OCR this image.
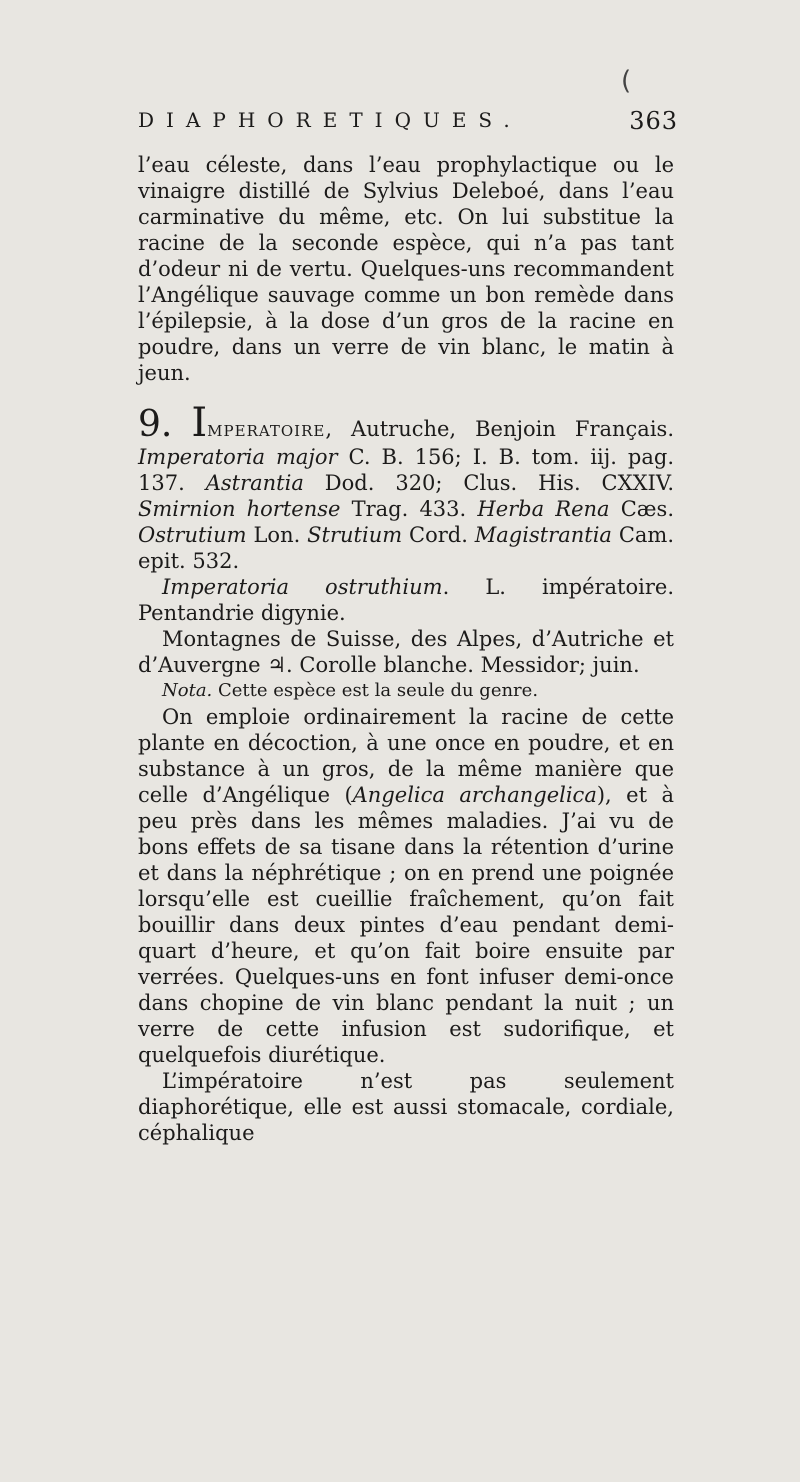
(
DIAPHORETIQUES.	363

l’eau céleste, dans l’eau prophylactique ou le vinaigre distillé de Sylvius Deleboé, dans l’eau carminative du même, etc. On lui substitue la racine de la seconde espèce, qui n’a pas tant d’odeur ni de vertu. Quelques-uns recommandent l’Angélique sauvage comme un bon remède dans l’épilepsie, à la dose d’un gros de la racine en poudre, dans un verre de vin blanc, le matin à jeun.

9. IMPERATOIRE, Autruche, Benjoin Français. Imperatoria major C. B. 156; I. B. tom. iij. pag. 137. Astrantia Dod. 320; Clus. His. CXXIV. Smirnion hortense Trag. 433. Herba Rena Cæs. Ostrutium Lon. Strutium Cord. Magistrantia Cam. epit. 532.

Imperatoria ostruthium. L. impératoire. Pentandrie digynie.

Montagnes de Suisse, des Alpes, d’Autriche et d’Auvergne ♃. Corolle blanche. Messidor; juin.

Nota. Cette espèce est la seule du genre.

On emploie ordinairement la racine de cette plante en décoction, à une once en poudre, et en substance à un gros, de la même manière que celle d’Angélique (Angelica archangelica), et à peu près dans les mêmes maladies. J’ai vu de bons effets de sa tisane dans la rétention d’urine et dans la néphrétique ; on en prend une poignée lorsqu’elle est cueillie fraîchement, qu’on fait bouillir dans deux pintes d’eau pendant demi-quart d’heure, et qu’on fait boire ensuite par verrées. Quelques-uns en font infuser demi-once dans chopine de vin blanc pendant la nuit ; un verre de cette infusion est sudorifique, et quelquefois diurétique.

L’impératoire n’est pas seulement diaphorétique, elle est aussi stomacale, cordiale, céphalique
